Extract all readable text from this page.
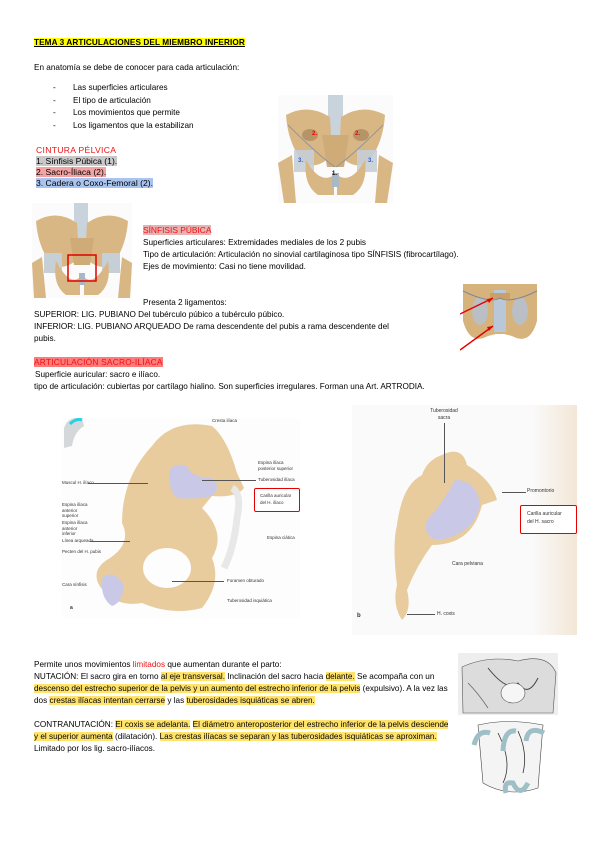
TEMA 3 ARTICULACIONES DEL MIEMBRO INFERIOR
En anatomía se debe de conocer para cada articulación:
- Las superficies articulares
- El tipo de articulación
- Los movimientos que permite
- Los ligamentos que la estabilizan
CINTURA PÉLVICA
1. Sínfisis Púbica (1).
2. Sacro-Íliaca (2).
3. Cadera o Coxo-Femoral (2).
2.	2.
3.	3.
1.
SÍNFISIS PÚBICA
Superficies articulares: Extremidades mediales de los 2 pubis
Tipo de articulación: Articulación no sinovial cartilaginosa tipo SÍNFISIS (fibrocartílago).
Ejes de movimiento: Casi no tiene movilidad.
Presenta 2 ligamentos:
SUPERIOR: LIG. PUBIANO Del tubérculo púbico a tubérculo púbico.
INFERIOR: LIG. PUBIANO ARQUEADO De rama descendente del pubis a rama descendente del
pubis.
ARTICULACIÓN SACRO-ILÍACA
Superficie auricular: sacro e ilíaco.
tipo de articulación: cubiertas por cartílago hialino. Son superficies irregulares. Forman una Art. ARTRODIA.
Muscul H. ilíaco
Espina ilíaca anterior superior
Espina ilíaca anterior inferior
Línea arqueada
Pecten del H. pubis
Cara sínfisis
Cresta ilíaca
Espina ilíaca posterior superior
Tuberosidad ilíaca
Espina ciática
Foramen obturado
Tuberosidad isquiática
Carilla auricular
del H. ilíaco
a
Tuberosidad
sacra
Promontorio
Cara pelviana
H. coxis
Carilla auricular
del H. sacro
b
Permite unos movimientos limitados que aumentan durante el parto:
NUTACIÓN: El sacro gira en torno al eje transversal. Inclinación del sacro hacia delante. Se acompaña con un descenso del estrecho superior de la pelvis y un aumento del estrecho inferior de la pelvis (expulsivo). A la vez las dos crestas ilíacas intentan cerrarse y las tuberosidades isquiáticas se abren.
CONTRANUTACIÓN: El coxis se adelanta. El diámetro anteroposterior del estrecho inferior de la pelvis desciende y el superior aumenta (dilatación). Las crestas ilíacas se separan y las tuberosidades isquiáticas se aproximan. Limitado por los lig. sacro-ilíacos.
